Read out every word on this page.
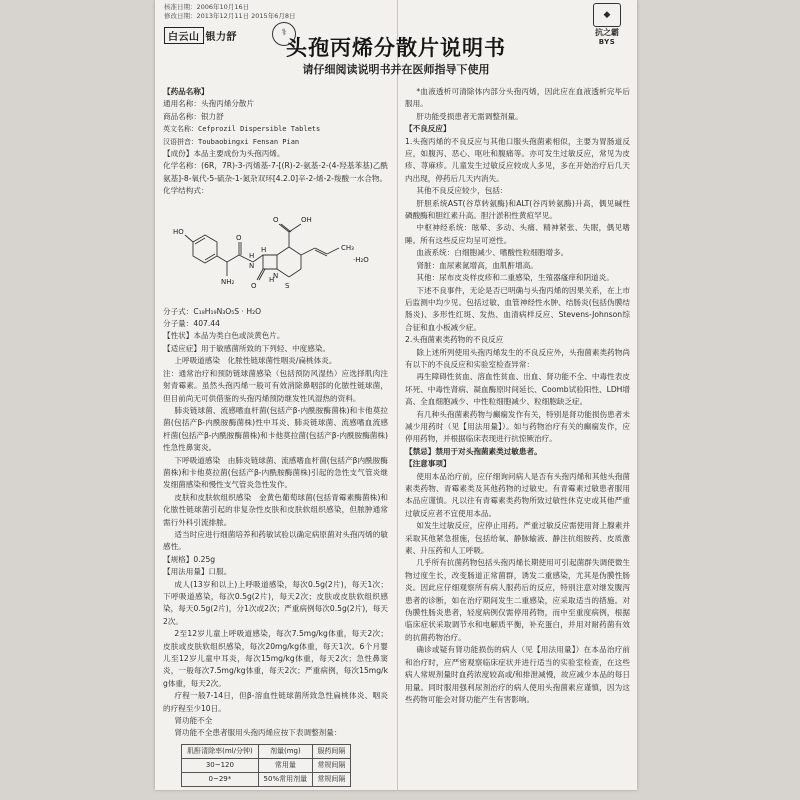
核准日期：2006年10月16日
修改日期：2013年12月11日 2015年6月8日
白云山 银力舒	⚕
◆
抗之霸
BYS
头孢丙烯分散片说明书
请仔细阅读说明书并在医师指导下使用

【药品名称】

通用名称：头孢丙烯分散片

商品名称：银力舒

英文名称：Cefprozil Dispersible Tablets

汉语拼音：Toubaobingxi Fensan Pian

【成份】本品主要成份为头孢丙烯。

化学名称：(6R，7R)-3-丙烯基-7-[(R)-2-氨基-2-(4-羟基苯基)乙酰氨基]-8-氧代-5-硫杂-1-氮杂双环[4.2.0]辛-2-烯-2-羧酸一水合物。

化学结构式：

HO
O
H
N
NH₂
H
H
S
N
O
OH
O
·H₂O
CH₃

分子式：C₁₈H₁₉N₃O₅S · H₂O

分子量：407.44

【性状】本品为类白色或淡黄色片。

【适应症】用于敏感菌所致的下列轻、中度感染。

上呼吸道感染　化脓性链球菌性咽炎/扁桃体炎。

注：通常治疗和预防链球菌感染（包括预防风湿热）应选择肌肉注射青霉素。虽然头孢丙烯一般可有效消除鼻咽部的化脓性链球菌，但目前尚无可供借鉴的头孢丙烯预防继发性风湿热的资料。

肺炎链球菌、流感嗜血杆菌(包括产β-内酰胺酶菌株)和卡他莫拉菌(包括产β-内酰胺酶菌株)性中耳炎、肺炎链球菌、流感嗜血流感杆菌(包括产β-内酰胺酶菌株)和卡他莫拉菌(包括产β-内酰胺酶菌株)性急性鼻窦炎。

下呼吸道感染　由肺炎链球菌、流感嗜血杆菌(包括产β内酰胺酶菌株)和卡他莫拉菌(包括产β-内酰胺酶菌株)引起的急性支气管炎继发细菌感染和慢性支气管炎急性发作。

皮肤和皮肤软组织感染　金黄色葡萄球菌(包括青霉素酶菌株)和化脓性链球菌引起的非复杂性皮肤和皮肤软组织感染，但脓肿通常需行外科引流排脓。

适当时应进行细菌培养和药敏试验以确定病原菌对头孢丙烯的敏感性。

【规格】0.25g

【用法用量】口服。

成人(13岁和以上)上呼吸道感染，每次0.5g(2片)，每天1次；下呼吸道感染，每次0.5g(2片)，每天2次；皮肤或皮肤软组织感染，每天0.5g(2片)，分1次或2次；严重病例每次0.5g(2片)，每天2次。

2至12岁儿童上呼吸道感染，每次7.5mg/kg体重，每天2次；皮肤或皮肤软组织感染，每次20mg/kg体重，每天1次。6个月婴儿至12岁儿童中耳炎，每次15mg/kg体重，每天2次；急性鼻窦炎，一般每次7.5mg/kg体重，每天2次；严重病例，每次15mg/kg体重，每天2次。

疗程一般7-14日，但β-溶血性链球菌所致急性扁桃体炎、咽炎的疗程至少10日。

肾功能不全

肾功能不全患者服用头孢丙烯应按下表调整剂量：

肌酐清除率(ml/分钟)	剂量(mg)	服药间隔
30~120	常用量	常规间隔
0~29*	50%常用剂量	常规间隔

*血液透析可清除体内部分头孢丙烯，因此应在血液透析完毕后服用。

肝功能受损患者无需调整剂量。

【不良反应】

1.头孢丙烯的不良反应与其他口服头孢菌素相似，主要为胃肠道反应，如腹泻、恶心、呕吐和腹痛等。亦可发生过敏反应，常见为皮疹、荨麻疹。儿童发生过敏反应较成人多见，多在开始治疗后几天内出现，停药后几天内消失。

其他不良反应较少，包括：

肝胆系统AST(谷草转氨酶)和ALT(谷丙转氨酶)升高，偶见碱性磷酸酶和胆红素升高。胆汁淤积性黄疸罕见。

中枢神经系统：眩晕、多动、头痛、精神紧张、失眠，偶见嗜睡。所有这些反应均呈可逆性。

血液系统：白细胞减少、嗜酸性粒细胞增多。

肾脏：血尿素氮增高，血肌酐增高。

其他：尿布皮炎样皮疹和二重感染，生殖器瘙痒和阴道炎。

下述不良事件，无论是否已明确与头孢丙烯的因果关系，在上市后监测中均少见。包括过敏、血管神经性水肿、结肠炎(包括伪膜结肠炎)、多形性红斑、发热、血清病样反应、Stevens-Johnson综合征和血小板减少症。

2.头孢菌素类药物的不良反应

除上述所列使用头孢丙烯发生的不良反应外，头孢菌素类药物尚有以下的不良反应和实验室检查异常：

再生障碍性贫血、溶血性贫血、出血、肾功能不全、中毒性表皮坏死、中毒性肾病、凝血酶原时间延长、Coomb试验阳性、LDH增高、全血细胞减少、中性粒细胞减少、粒细胞缺乏症。

有几种头孢菌素药物与癫痫发作有关，特别是肾功能损伤患者未减少用药时（见【用法用量】）。如与药物治疗有关的癫痫发作，应停用药物，并根据临床表现进行抗惊厥治疗。

【禁忌】禁用于对头孢菌素类过敏患者。

【注意事项】

使用本品治疗前，应仔细询问病人是否有头孢丙烯和其他头孢菌素类药物、青霉素类及其他药物的过敏史。有青霉素过敏患者服用本品应谨慎。凡以往有青霉素类药物所致过敏性休克史或其他严重过敏反应者不宜使用本品。

如发生过敏反应，应停止用药。严重过敏反应需使用肾上腺素并采取其他紧急措施，包括给氧、静脉输液、静注抗组胺药、皮质激素、升压药和人工呼吸。

几乎所有抗菌药物包括头孢丙烯长期使用可引起菌群失调使微生物过度生长，改变肠道正常菌群，诱发二重感染，尤其是伪膜性肠炎。因此应仔细观察所有病人服药后的反应，特别注意对继发腹泻患者的诊断，如在治疗期间发生二重感染，应采取适当的措施。对伪膜性肠炎患者，轻度病例仅需停用药物，而中至重度病例，根据临床症状采取调节水和电解质平衡，补充蛋白，并用对耐药菌有效的抗菌药物治疗。

确诊或疑有肾功能损伤的病人（见【用法用量】）在本品治疗前和治疗时，应严密观察临床症状并进行适当的实验室检查，在这些病人常规剂量时血药浓度较高或/和排泄减慢，故应减少本品的每日用量。同时服用强利尿剂治疗的病人使用头孢菌素应谨慎，因为这些药物可能会对肾功能产生有害影响。
